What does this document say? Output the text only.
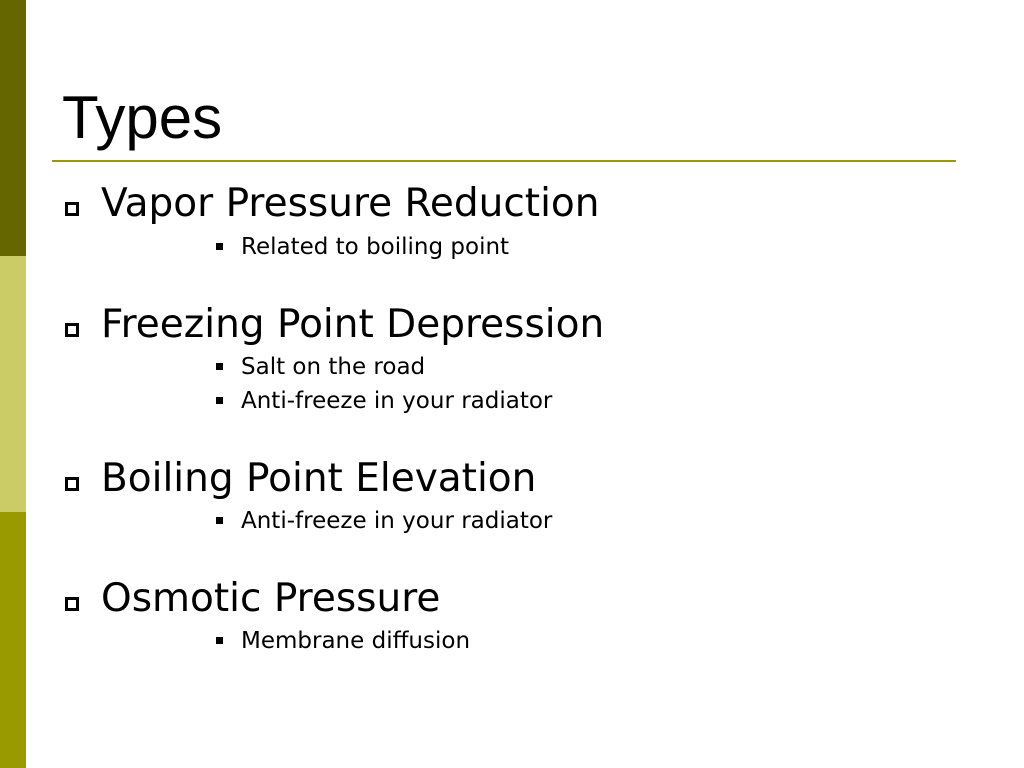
Types
Vapor Pressure Reduction
Related to boiling point
Freezing Point Depression
Salt on the road
Anti-freeze in your radiator
Boiling Point Elevation
Anti-freeze in your radiator
Osmotic Pressure
Membrane diffusion
